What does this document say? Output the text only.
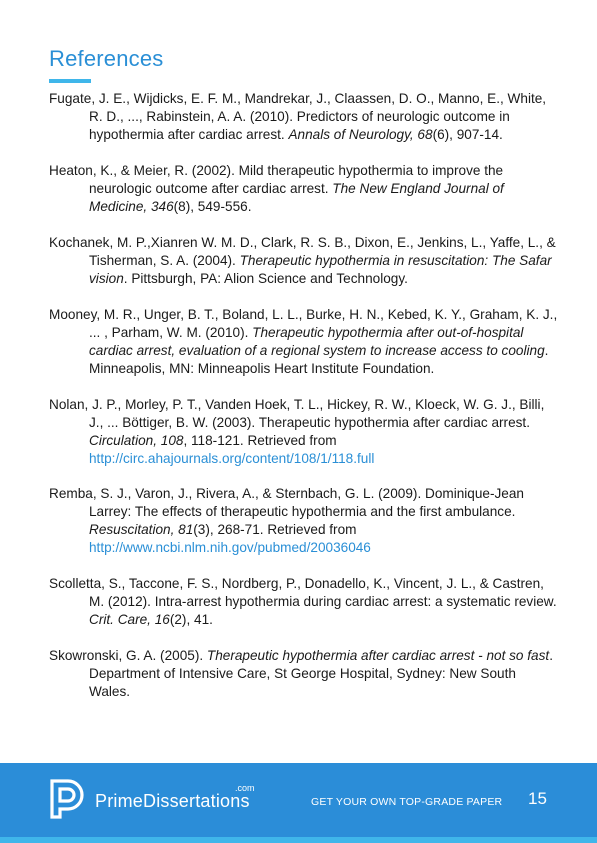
References

Fugate, J. E., Wijdicks, E. F. M., Mandrekar, J., Claassen, D. O., Manno, E., White, R. D., ..., Rabinstein, A. A. (2010). Predictors of neurologic outcome in hypothermia after cardiac arrest. Annals of Neurology, 68(6), 907-14.

Heaton, K., & Meier, R. (2002). Mild therapeutic hypothermia to improve the neurologic outcome after cardiac arrest. The New England Journal of Medicine, 346(8), 549-556.

Kochanek, M. P.,Xianren W. M. D., Clark, R. S. B., Dixon, E., Jenkins, L., Yaffe, L., & Tisherman, S. A. (2004). Therapeutic hypothermia in resuscitation: The Safar vision. Pittsburgh, PA: Alion Science and Technology.

Mooney, M. R., Unger, B. T., Boland, L. L., Burke, H. N., Kebed, K. Y., Graham, K. J., ... , Parham, W. M. (2010). Therapeutic hypothermia after out-of-hospital cardiac arrest, evaluation of a regional system to increase access to cooling. Minneapolis, MN: Minneapolis Heart Institute Foundation.

Nolan, J. P., Morley, P. T., Vanden Hoek, T. L., Hickey, R. W., Kloeck, W. G. J., Billi, J., ... Böttiger, B. W. (2003). Therapeutic hypothermia after cardiac arrest. Circulation, 108, 118-121. Retrieved from http://circ.ahajournals.org/content/108/1/118.full

Remba, S. J., Varon, J., Rivera, A., & Sternbach, G. L. (2009). Dominique-Jean Larrey: The effects of therapeutic hypothermia and the first ambulance. Resuscitation, 81(3), 268-71. Retrieved from http://www.ncbi.nlm.nih.gov/pubmed/20036046

Scolletta, S., Taccone, F. S., Nordberg, P., Donadello, K., Vincent, J. L., & Castren, M. (2012). Intra-arrest hypothermia during cardiac arrest: a systematic review. Crit. Care, 16(2), 41.

Skowronski, G. A. (2005). Therapeutic hypothermia after cardiac arrest - not so fast. Department of Intensive Care, St George Hospital, Sydney: New South Wales.

.com
PrimeDissertations	GET YOUR OWN TOP-GRADE PAPER 15
